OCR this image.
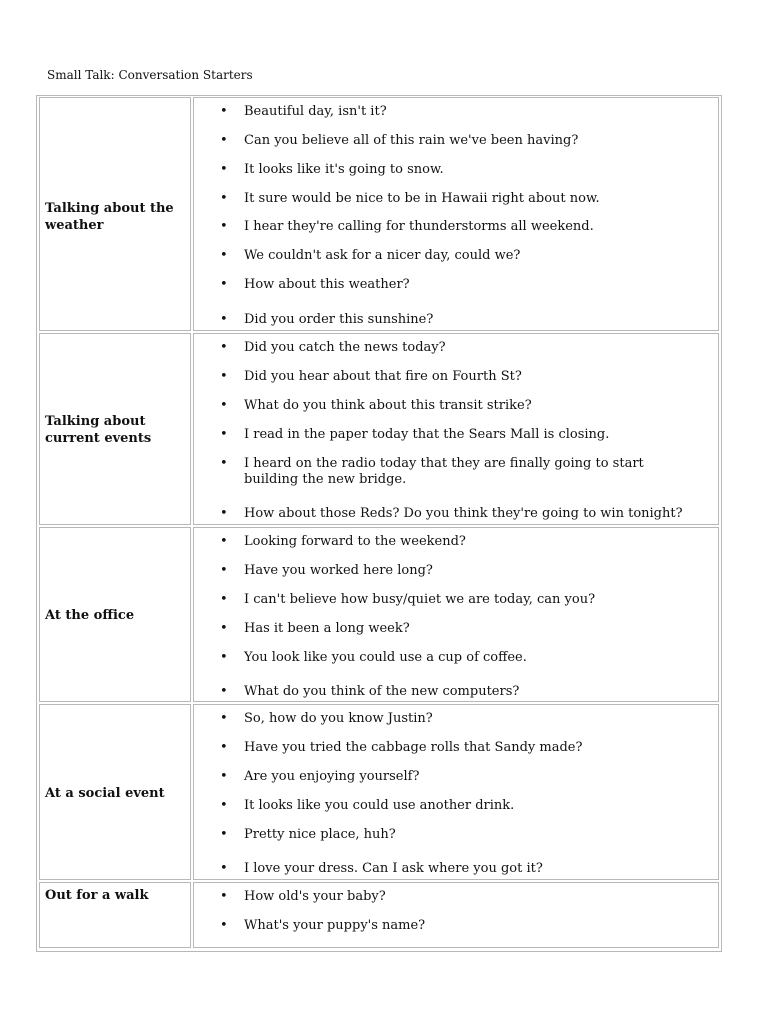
Small Talk: Conversation Starters
Talking about the weather
• Beautiful day, isn't it?
• Can you believe all of this rain we've been having?
• It looks like it's going to snow.
• It sure would be nice to be in Hawaii right about now.
• I hear they're calling for thunderstorms all weekend.
• We couldn't ask for a nicer day, could we?
• How about this weather?
• Did you order this sunshine?
Talking about current events
• Did you catch the news today?
• Did you hear about that fire on Fourth St?
• What do you think about this transit strike?
• I read in the paper today that the Sears Mall is closing.
• I heard on the radio today that they are finally going to start building the new bridge.
• How about those Reds? Do you think they're going to win tonight?
At the office
• Looking forward to the weekend?
• Have you worked here long?
• I can't believe how busy/quiet we are today, can you?
• Has it been a long week?
• You look like you could use a cup of coffee.
• What do you think of the new computers?
At a social event
• So, how do you know Justin?
• Have you tried the cabbage rolls that Sandy made?
• Are you enjoying yourself?
• It looks like you could use another drink.
• Pretty nice place, huh?
• I love your dress. Can I ask where you got it?
Out for a walk
•	How old's your baby?
• What's your puppy's name?
